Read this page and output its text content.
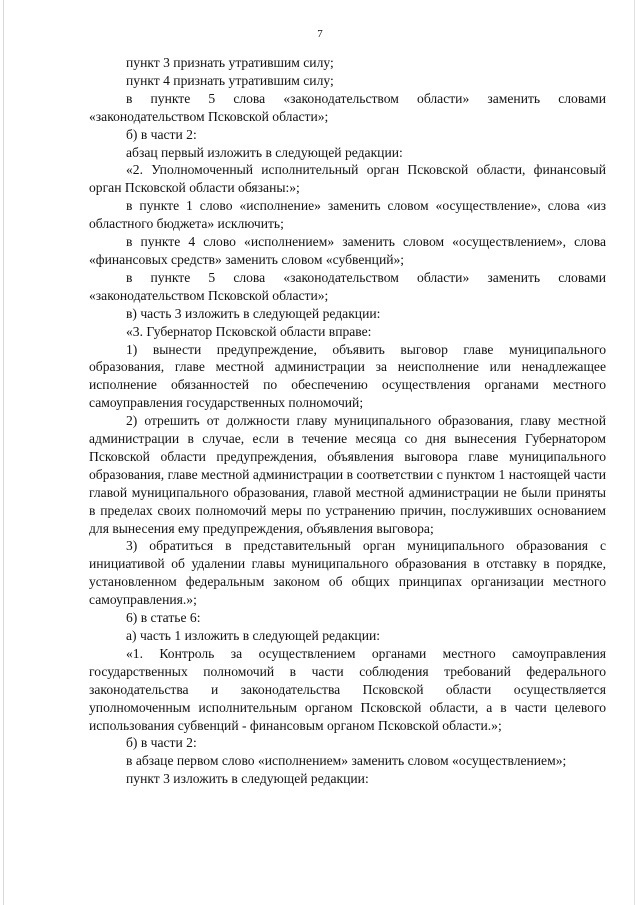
7

пункт 3 признать утратившим силу;

пункт 4 признать утратившим силу;

в пункте 5 слова «законодательством области» заменить словами «законодательством Псковской области»;

б) в части 2:

абзац первый изложить в следующей редакции:

«2. Уполномоченный исполнительный орган Псковской области, финансовый орган Псковской области обязаны:»;

в пункте 1 слово «исполнение» заменить словом «осуществление», слова «из областного бюджета» исключить;

в пункте 4 слово «исполнением» заменить словом «осуществлением», слова «финансовых средств» заменить словом «субвенций»;

в пункте 5 слова «законодательством области» заменить словами «законодательством Псковской области»;

в) часть 3 изложить в следующей редакции:

«3. Губернатор Псковской области вправе:

1) вынести предупреждение, объявить выговор главе муниципального образования, главе местной администрации за неисполнение или ненадлежащее исполнение обязанностей по обеспечению осуществления органами местного самоуправления государственных полномочий;

2) отрешить от должности главу муниципального образования, главу местной администрации в случае, если в течение месяца со дня вынесения Губернатором Псковской области предупреждения, объявления выговора главе муниципального образования, главе местной администрации в соответствии с пунктом 1 настоящей части главой муниципального образования, главой местной администрации не были приняты в пределах своих полномочий меры по устранению причин, послуживших основанием для вынесения ему предупреждения, объявления выговора;

3) обратиться в представительный орган муниципального образования с инициативой об удалении главы муниципального образования в отставку в порядке, установленном федеральным законом об общих принципах организации местного самоуправления.»;

6) в статье 6:

а) часть 1 изложить в следующей редакции:

«1. Контроль за осуществлением органами местного самоуправления государственных полномочий в части соблюдения требований федерального законодательства и законодательства Псковской области осуществляется уполномоченным исполнительным органом Псковской области, а в части целевого использования субвенций - финансовым органом Псковской области.»;

б) в части 2:

в абзаце первом слово «исполнением» заменить словом «осуществлением»;

пункт 3 изложить в следующей редакции:
